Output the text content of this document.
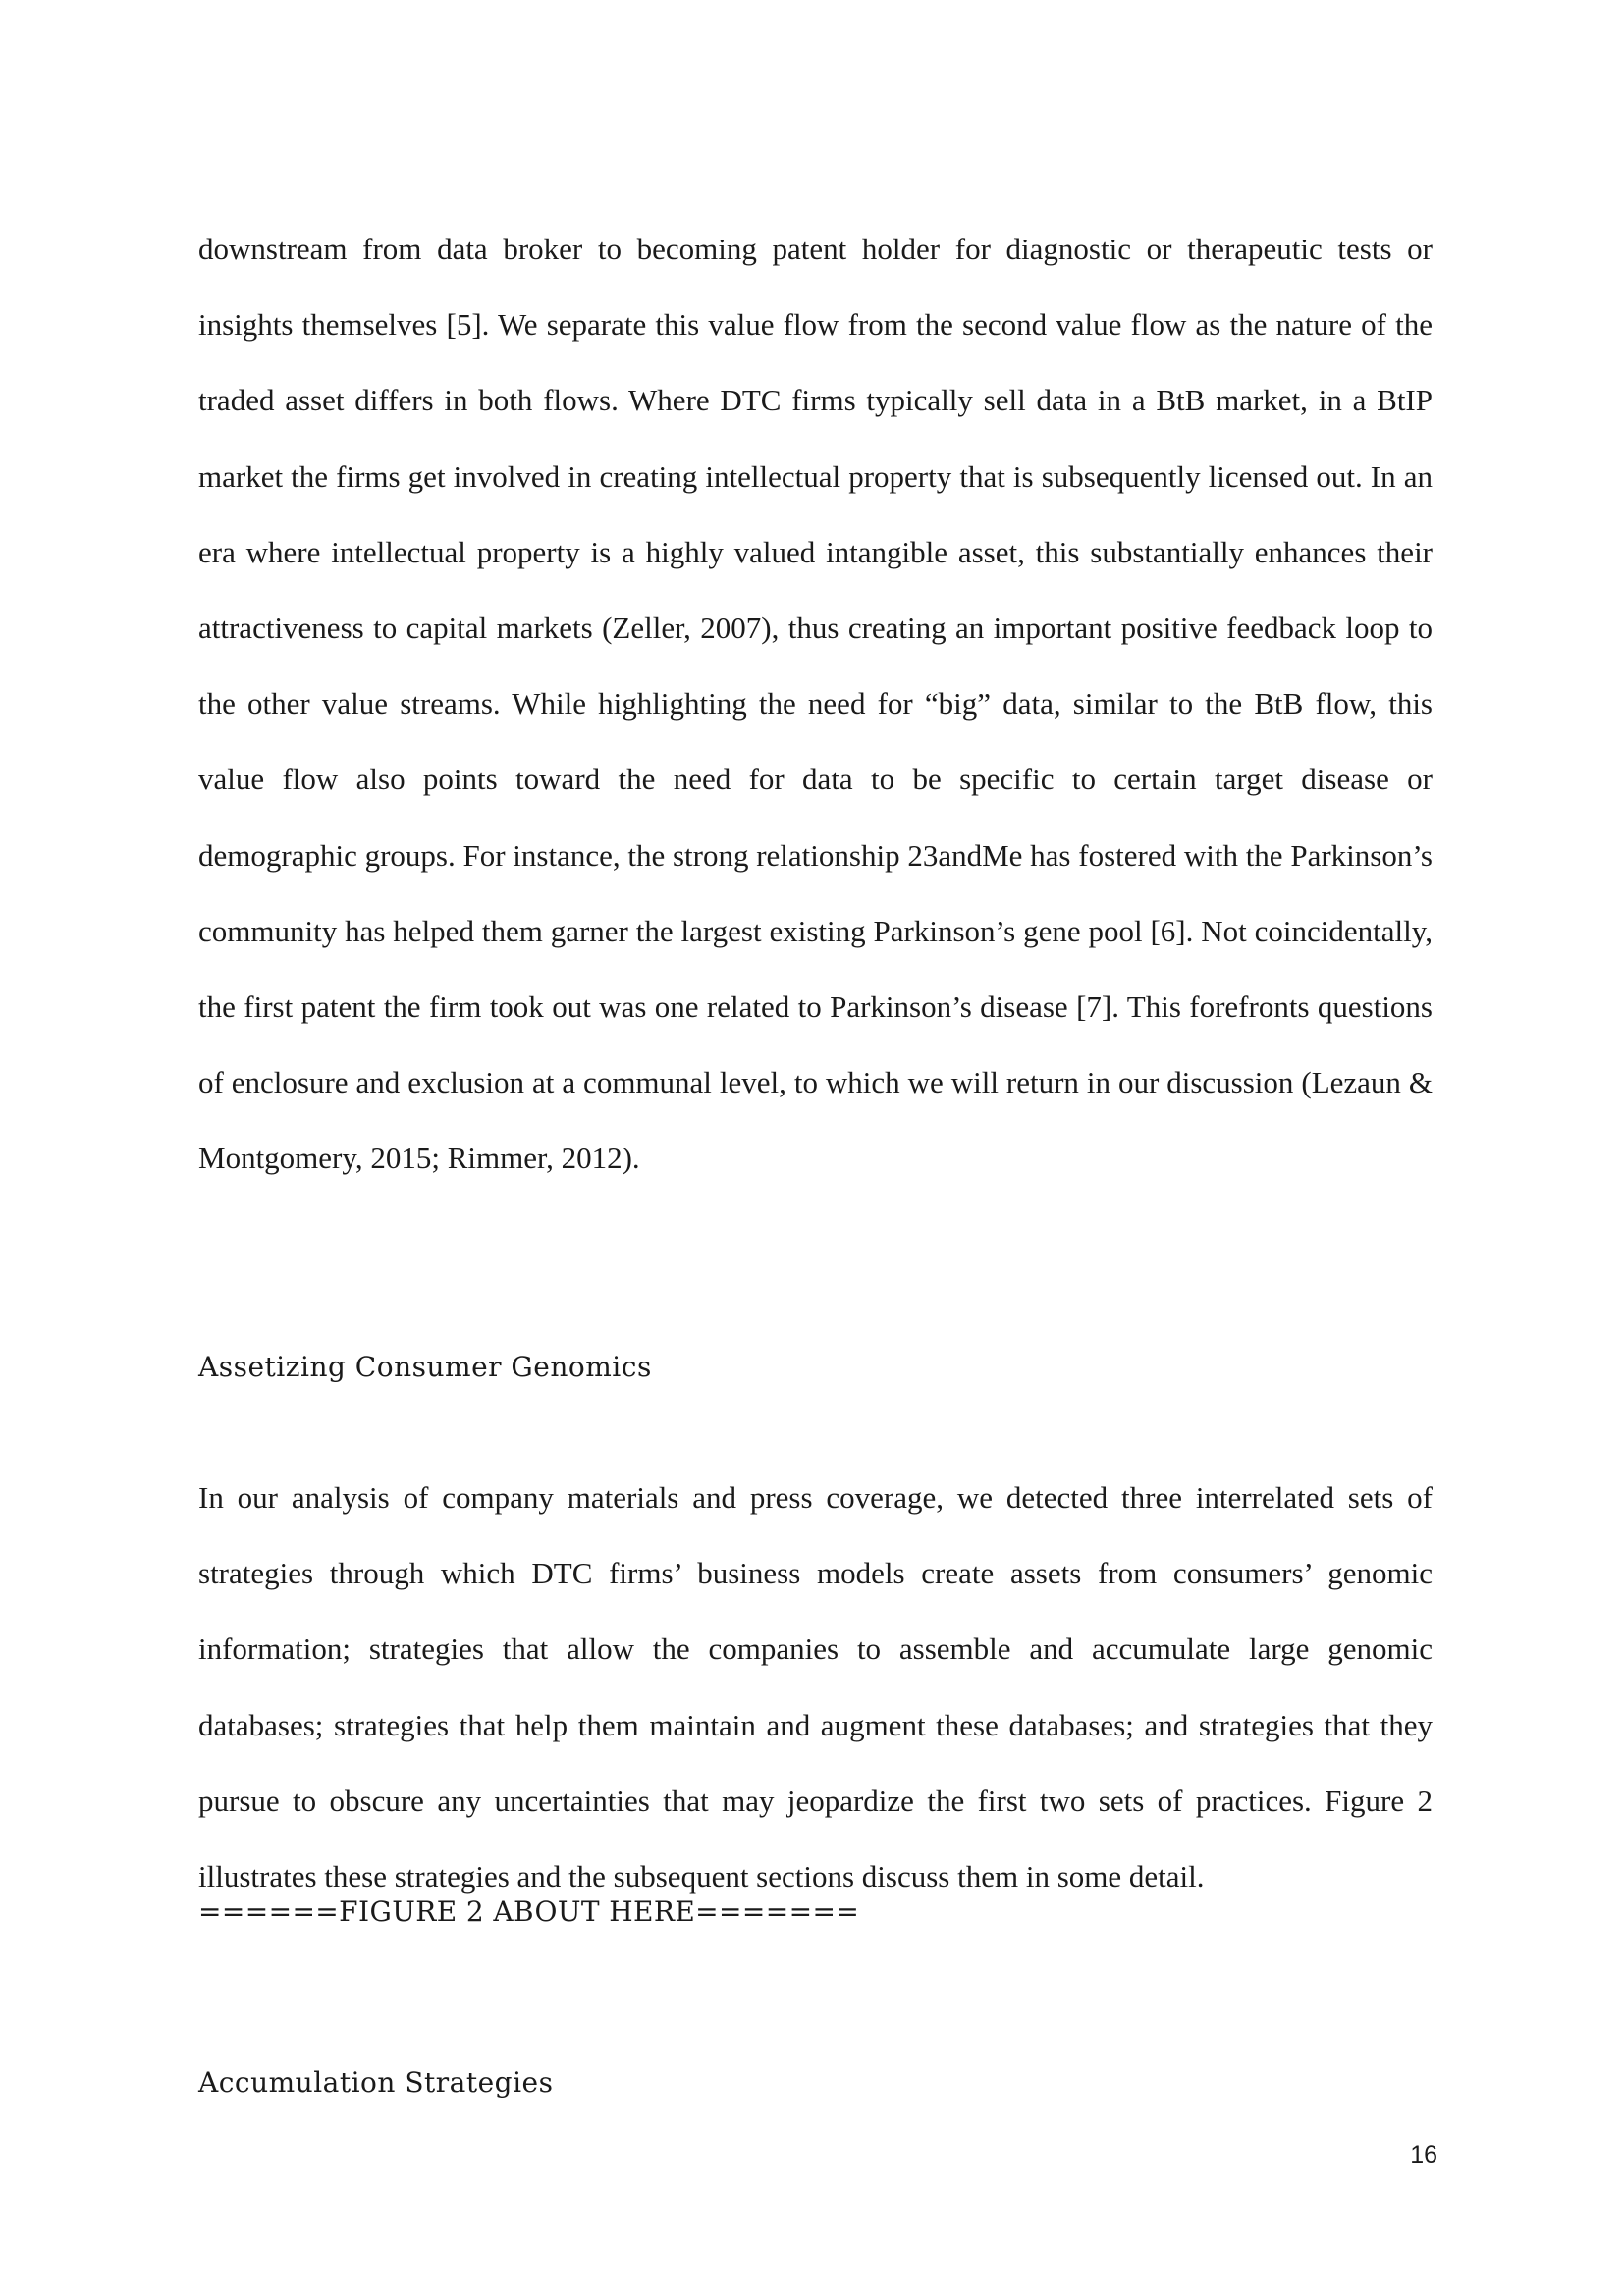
downstream from data broker to becoming patent holder for diagnostic or therapeutic tests or insights themselves [5]. We separate this value flow from the second value flow as the nature of the traded asset differs in both flows. Where DTC firms typically sell data in a BtB market, in a BtIP market the firms get involved in creating intellectual property that is subsequently licensed out. In an era where intellectual property is a highly valued intangible asset, this substantially enhances their attractiveness to capital markets (Zeller, 2007), thus creating an important positive feedback loop to the other value streams. While highlighting the need for “big” data, similar to the BtB flow, this value flow also points toward the need for data to be specific to certain target disease or demographic groups. For instance, the strong relationship 23andMe has fostered with the Parkinson’s community has helped them garner the largest existing Parkinson’s gene pool [6]. Not coincidentally, the first patent the firm took out was one related to Parkinson’s disease [7]. This forefronts questions of enclosure and exclusion at a communal level, to which we will return in our discussion (Lezaun & Montgomery, 2015; Rimmer, 2012).

Assetizing Consumer Genomics

In our analysis of company materials and press coverage, we detected three interrelated sets of strategies through which DTC firms’ business models create assets from consumers’ genomic information; strategies that allow the companies to assemble and accumulate large genomic databases; strategies that help them maintain and augment these databases; and strategies that they pursue to obscure any uncertainties that may jeopardize the first two sets of practices. Figure 2 illustrates these strategies and the subsequent sections discuss them in some detail.

======FIGURE 2 ABOUT HERE=======
Accumulation Strategies
16
